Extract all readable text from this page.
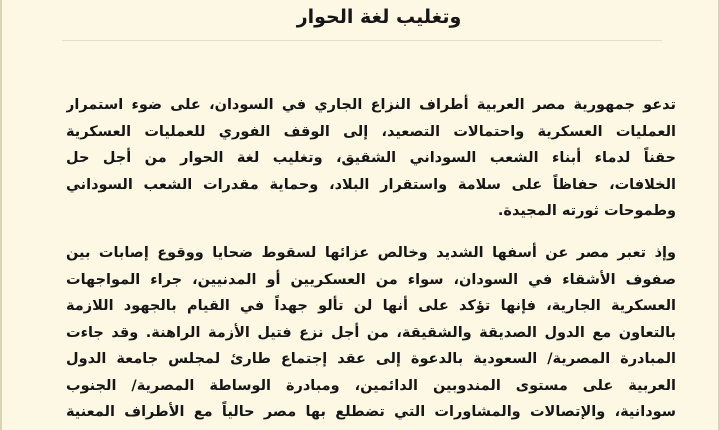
وتغليب لغة الحوار
تدعو جمهورية مصر العربية أطراف النزاع الجاري في السودان، على ضوء استمرار
العمليات العسكرية واحتمالات التصعيد، إلى الوقف الفوري للعمليات العسكرية
حقناً لدماء أبناء الشعب السوداني الشقيق، وتغليب لغة الحوار من أجل حل
الخلافات، حفاظاً على سلامة واستقرار البلاد، وحماية مقدرات الشعب السوداني
وطموحات ثورته المجيدة.
وإذ تعبر مصر عن أسفها الشديد وخالص عزائها لسقوط ضحايا ووقوع إصابات بين
صفوف الأشقاء في السودان، سواء من العسكريين أو المدنيين، جراء المواجهات
العسكرية الجارية، فإنها تؤكد على أنها لن تألو جهداً في القيام بالجهود اللازمة
بالتعاون مع الدول الصديقة والشقيقة، من أجل نزع فتيل الأزمة الراهنة. وقد جاءت
المبادرة المصرية/ السعودية بالدعوة إلى عقد إجتماع طارئ لمجلس جامعة الدول
العربية على مستوى المندوبين الدائمين، ومبادرة الوساطة المصرية/ الجنوب
سودانية، والإتصالات والمشاورات التي تضطلع بها مصر حالياً مع الأطراف المعنية
